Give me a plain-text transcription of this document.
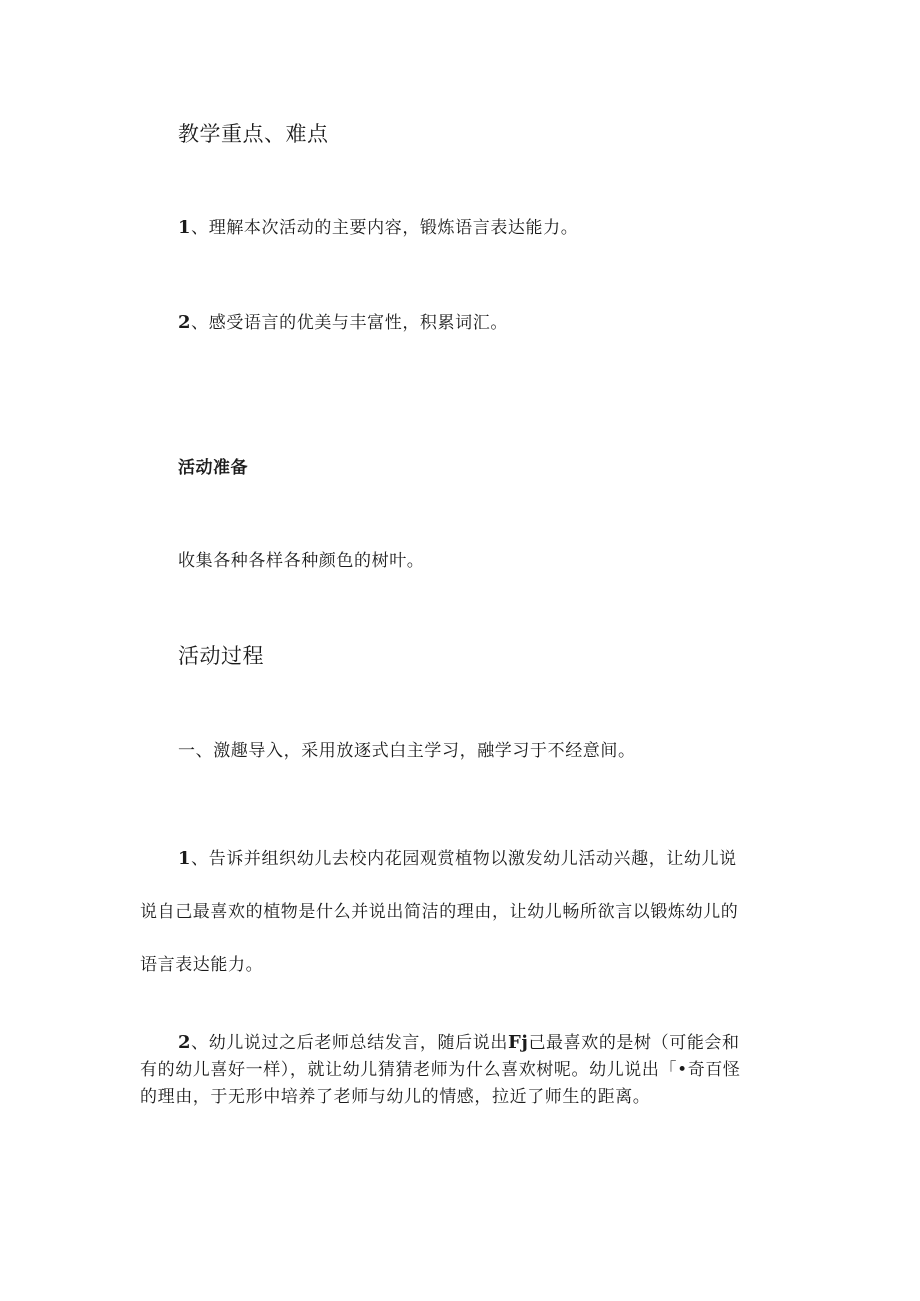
教学重点、难点

1、理解本次活动的主要内容，锻炼语言表达能力。

2、感受语言的优美与丰富性，积累词汇。

活动准备

收集各种各样各种颜色的树叶。

活动过程

一、激趣导入，采用放逐式白主学习，融学习于不经意间。

1、告诉并组织幼儿去校内花园观赏植物以激发幼儿活动兴趣，让幼儿说
说自己最喜欢的植物是什么并说出简洁的理由，让幼儿畅所欲言以锻炼幼儿的
语言表达能力。
2、幼儿说过之后老师总结发言，随后说出Fj己最喜欢的是树（可能会和
有的幼儿喜好一样），就让幼儿猜猜老师为什么喜欢树呢。幼儿说出「•奇百怪
的理由，于无形中培养了老师与幼儿的情感，拉近了师生的距离。
